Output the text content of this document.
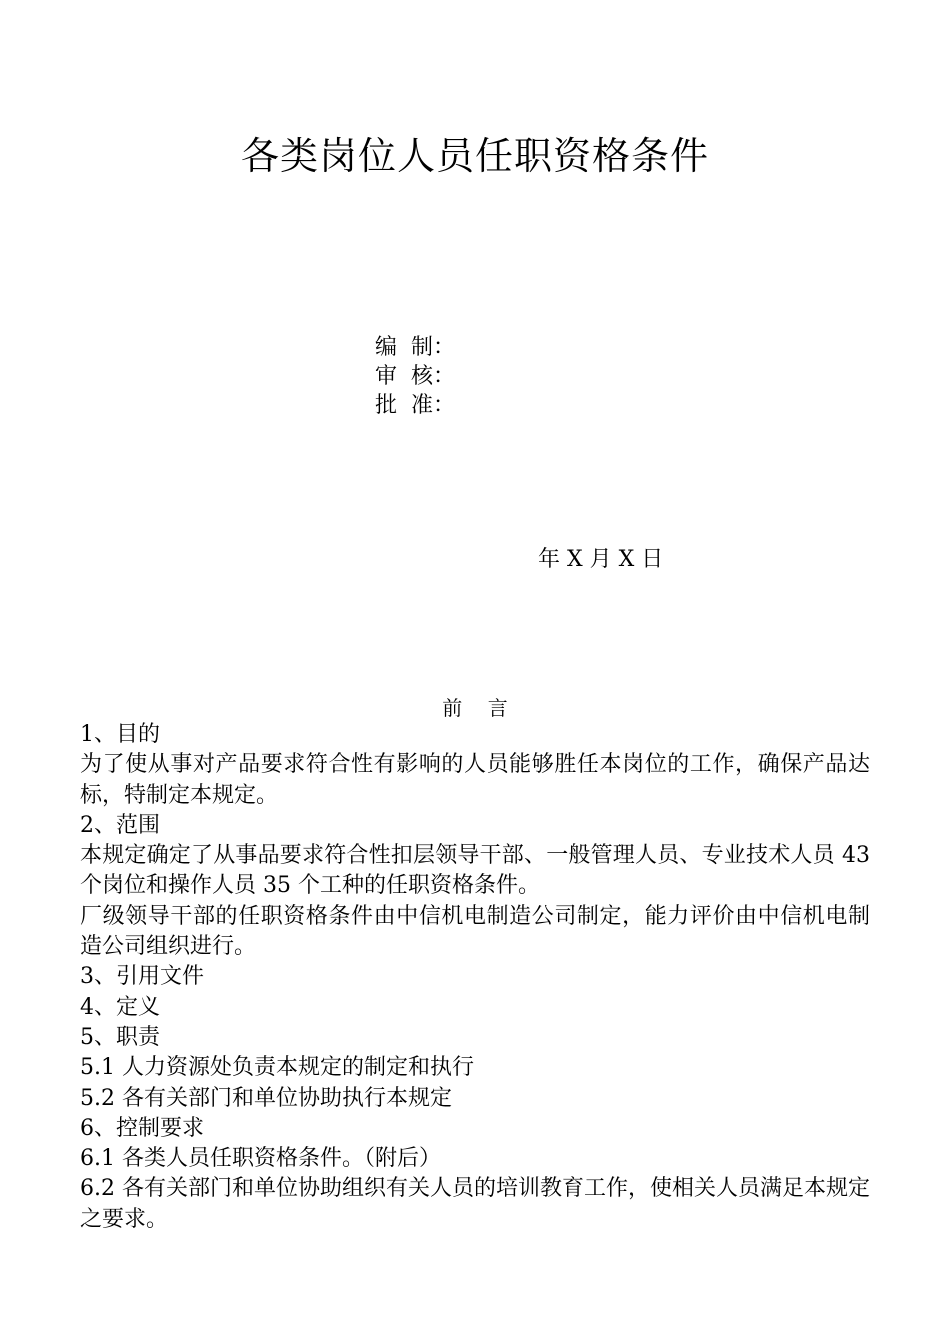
各类岗位人员任职资格条件
编  制：
审  核：
批  准：
年 X 月 X 日
前    言

1、目的

为了使从事对产品要求符合性有影响的人员能够胜任本岗位的工作，确保产品达标，特制定本规定。

2、范围

本规定确定了从事品要求符合性扣层领导干部、一般管理人员、专业技术人员 43 个岗位和操作人员 35 个工种的任职资格条件。

厂级领导干部的任职资格条件由中信机电制造公司制定，能力评价由中信机电制造公司组织进行。

3、引用文件

4、定义

5、职责

5.1 人力资源处负责本规定的制定和执行

5.2 各有关部门和单位协助执行本规定

6、控制要求

6.1 各类人员任职资格条件。（附后）

6.2 各有关部门和单位协助组织有关人员的培训教育工作，使相关人员满足本规定之要求。
